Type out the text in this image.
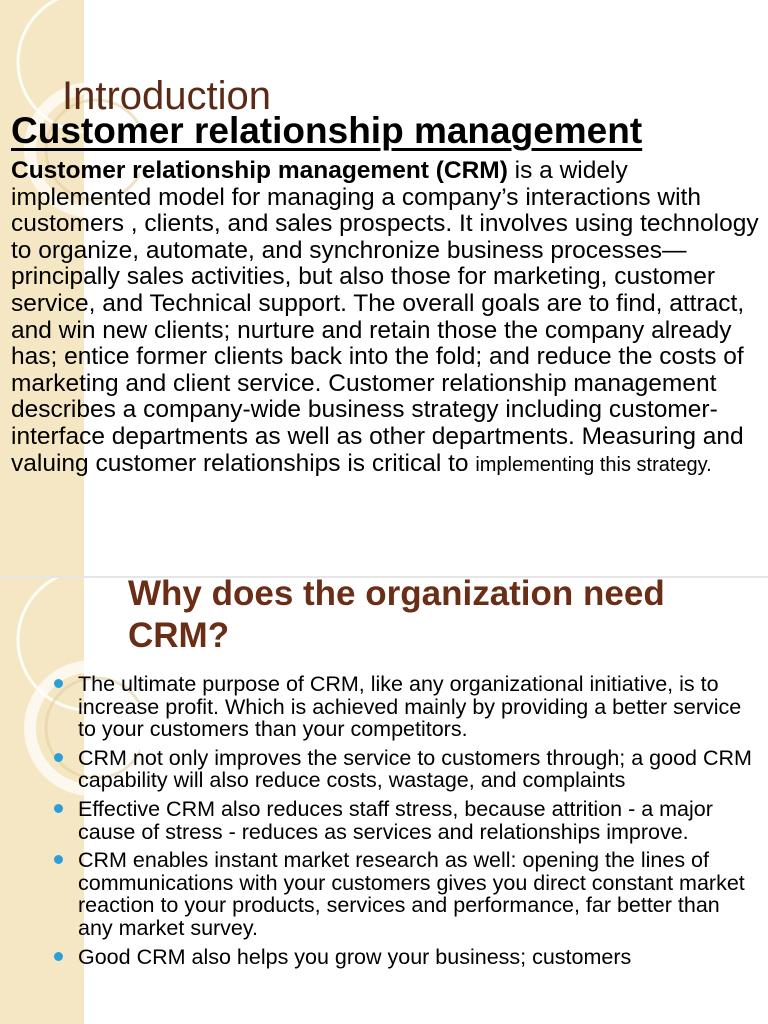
Introduction
Customer relationship management

Customer relationship management (CRM) is a widely implemented model for managing a company’s interactions with customers , clients, and sales prospects. It involves using technology to organize, automate, and synchronize business processes—principally sales activities, but also those for marketing, customer service, and Technical support. The overall goals are to find, attract, and win new clients; nurture and retain those the company already has; entice former clients back into the fold; and reduce the costs of marketing and client service. Customer relationship management describes a company-wide business strategy including customer-interface departments as well as other departments. Measuring and valuing customer relationships is critical to implementing this strategy.

Why does the organization need CRM?
The ultimate purpose of CRM, like any organizational initiative, is to increase profit. Which is achieved mainly by providing a better service to your customers than your competitors.
CRM not only improves the service to customers through; a good CRM capability will also reduce costs, wastage, and complaints
Effective CRM also reduces staff stress, because attrition - a major cause of stress - reduces as services and relationships improve.
CRM enables instant market research as well: opening the lines of communications with your customers gives you direct constant market reaction to your products, services and performance, far better than any market survey.
Good CRM also helps you grow your business; customers
